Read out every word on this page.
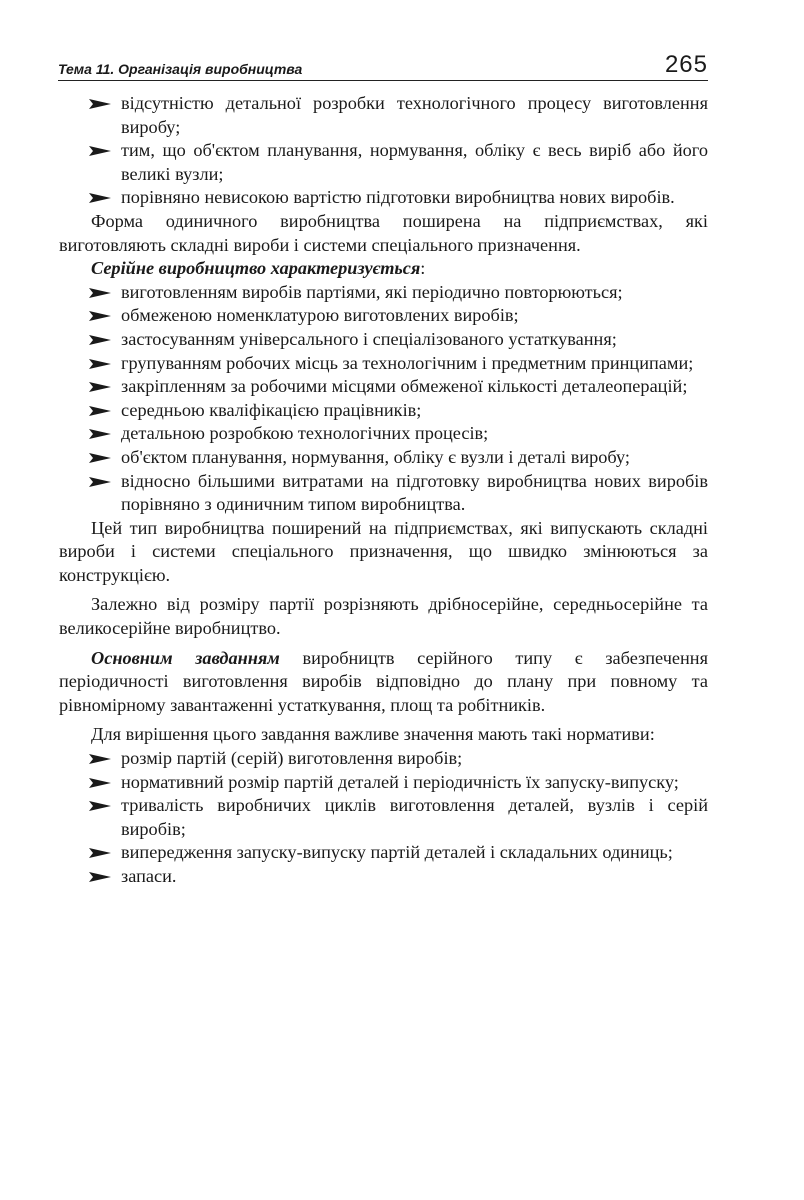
Тема 11. Організація виробництва	265

відсутністю детальної розробки технологічного процесу виготовлення виробу;

тим, що об'єктом планування, нормування, обліку є весь виріб або його великі вузли;

порівняно невисокою вартістю підготовки виробництва нових виробів.

Форма одиничного виробництва поширена на підприємствах, які виготовляють складні вироби і системи спеціального призначення.

Серійне виробництво характеризується:

виготовленням виробів партіями, які періодично повторюються;

обмеженою номенклатурою виготовлених виробів;

застосуванням універсального і спеціалізованого устаткування;

групуванням робочих місць за технологічним і предметним принципами;

закріпленням за робочими місцями обмеженої кількості деталеоперацій;

середньою кваліфікацією працівників;

детальною розробкою технологічних процесів;

об'єктом планування, нормування, обліку є вузли і деталі виробу;

відносно більшими витратами на підготовку виробництва нових виробів порівняно з одиничним типом виробництва.

Цей тип виробництва поширений на підприємствах, які випускають складні вироби і системи спеціального призначення, що швидко змінюються за конструкцією.

Залежно від розміру партії розрізняють дрібносерійне, середньосерійне та великосерійне виробництво.

Основним завданням виробництв серійного типу є забезпечення періодичності виготовлення виробів відповідно до плану при повному та рівномірному завантаженні устаткування, площ та робітників.

Для вирішення цього завдання важливе значення мають такі нормативи:

розмір партій (серій) виготовлення виробів;

нормативний розмір партій деталей і періодичність їх запуску-випуску;

тривалість виробничих циклів виготовлення деталей, вузлів і серій виробів;

випередження запуску-випуску партій деталей і складальних одиниць;

запаси.
